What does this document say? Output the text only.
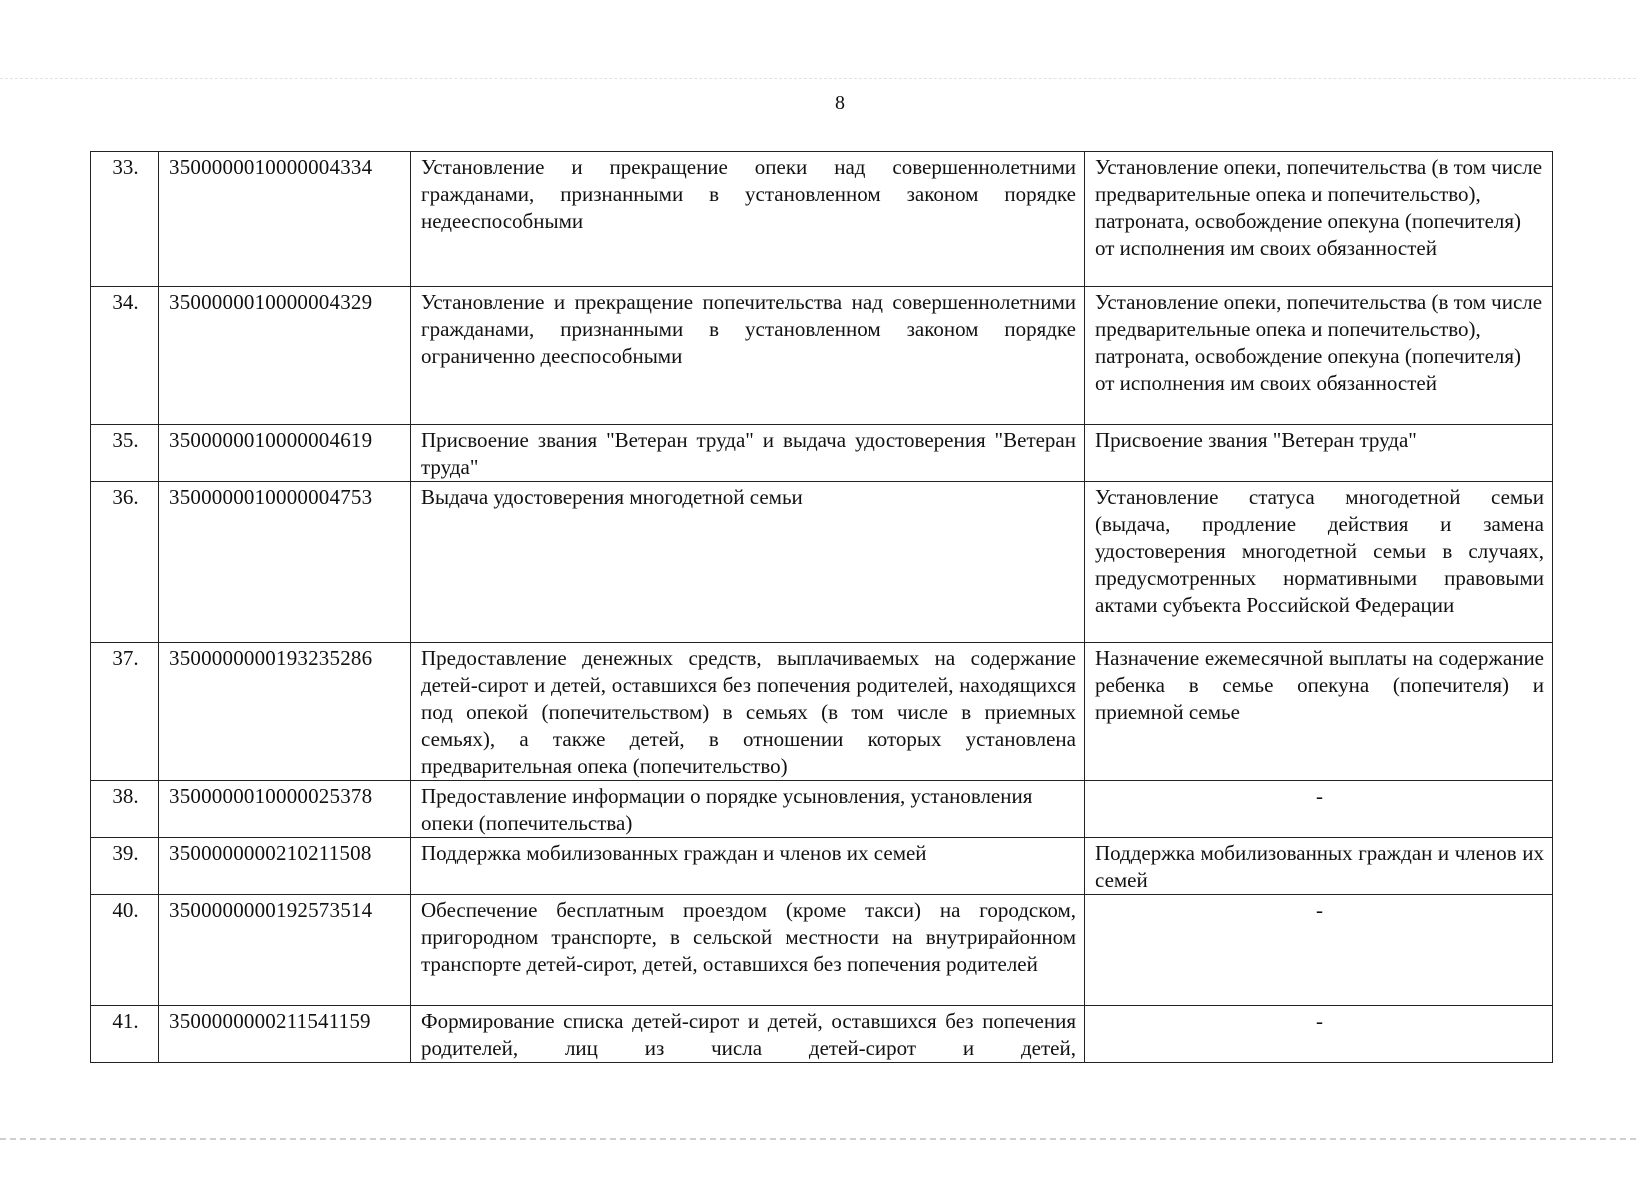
8
33.	3500000010000004334	Установление и прекращение опеки над совершеннолетними гражданами, признанными в установленном законом порядке недееспособными	Установление опеки, попечительства (в том числе предварительные опека и попечительство), патроната, освобождение опекуна (попечителя) от исполнения им своих обязанностей
34.	3500000010000004329	Установление и прекращение попечительства над совершеннолетними гражданами, признанными в установленном законом порядке ограниченно дееспособными	Установление опеки, попечительства (в том числе предварительные опека и попечительство), патроната, освобождение опекуна (попечителя) от исполнения им своих обязанностей
35.	3500000010000004619	Присвоение звания "Ветеран труда" и выдача удостоверения "Ветеран труда"	Присвоение звания "Ветеран труда"
36.	3500000010000004753	Выдача удостоверения многодетной семьи	Установление статуса многодетной семьи (выдача, продление действия и замена удостоверения многодетной семьи в случаях, предусмотренных нормативными правовыми актами субъекта Российской Федерации
37.	3500000000193235286	Предоставление денежных средств, выплачиваемых на содержание детей-сирот и детей, оставшихся без попечения родителей, находящихся под опекой (попечительством) в семьях (в том числе в приемных семьях), а также детей, в отношении которых установлена предварительная опека (попечительство)	Назначение ежемесячной выплаты на содержание ребенка в семье опекуна (попечителя) и приемной семье
38.	3500000010000025378	Предоставление информации о порядке усыновления, установления опеки (попечительства)	-
39.	3500000000210211508	Поддержка мобилизованных граждан и членов их семей	Поддержка мобилизованных граждан и членов их семей
40.	3500000000192573514	Обеспечение бесплатным проездом (кроме такси) на городском, пригородном транспорте, в сельской местности на внутрирайонном транспорте детей-сирот, детей, оставшихся без попечения родителей	-
41.	3500000000211541159	Формирование списка детей-сирот и детей, оставшихся без попечения родителей, лиц из числа детей-сирот и детей,	-
